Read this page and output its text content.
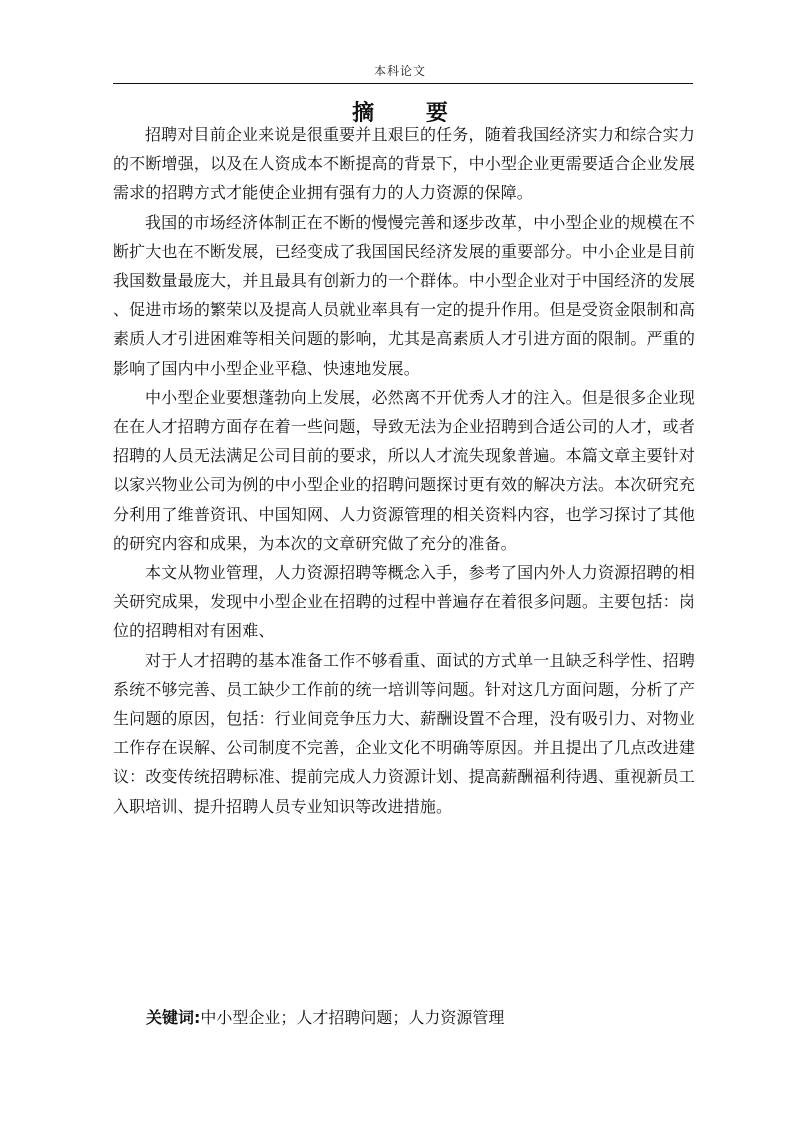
本科论文
摘 要

招聘对目前企业来说是很重要并且艰巨的任务，随着我国经济实力和综合实力的不断增强，以及在人资成本不断提高的背景下，中小型企业更需要适合企业发展需求的招聘方式才能使企业拥有强有力的人力资源的保障。

我国的市场经济体制正在不断的慢慢完善和逐步改革，中小型企业的规模在不断扩大也在不断发展，已经变成了我国国民经济发展的重要部分。中小企业是目前我国数量最庞大，并且最具有创新力的一个群体。中小型企业对于中国经济的发展 、促进市场的繁荣以及提高人员就业率具有一定的提升作用。但是受资金限制和高素质人才引进困难等相关问题的影响，尤其是高素质人才引进方面的限制。严重的影响了国内中小型企业平稳、快速地发展。

中小型企业要想蓬勃向上发展，必然离不开优秀人才的注入。但是很多企业现在在人才招聘方面存在着一些问题，导致无法为企业招聘到合适公司的人才，或者招聘的人员无法满足公司目前的要求，所以人才流失现象普遍。本篇文章主要针对以家兴物业公司为例的中小型企业的招聘问题探讨更有效的解决方法。本次研究充分利用了维普资讯、中国知网、人力资源管理的相关资料内容，也学习探讨了其他的研究内容和成果，为本次的文章研究做了充分的准备。

本文从物业管理，人力资源招聘等概念入手，参考了国内外人力资源招聘的相关研究成果，发现中小型企业在招聘的过程中普遍存在着很多问题。主要包括：岗位的招聘相对有困难、

对于人才招聘的基本准备工作不够看重、面试的方式单一且缺乏科学性、招聘系统不够完善、员工缺少工作前的统一培训等问题。针对这几方面问题，分析了产生问题的原因，包括：行业间竞争压力大、薪酬设置不合理，没有吸引力、对物业工作存在误解、公司制度不完善，企业文化不明确等原因。并且提出了几点改进建议：改变传统招聘标准、提前完成人力资源计划、提高薪酬福利待遇、重视新员工入职培训、提升招聘人员专业知识等改进措施。

关键词:中小型企业；人才招聘问题；人力资源管理
